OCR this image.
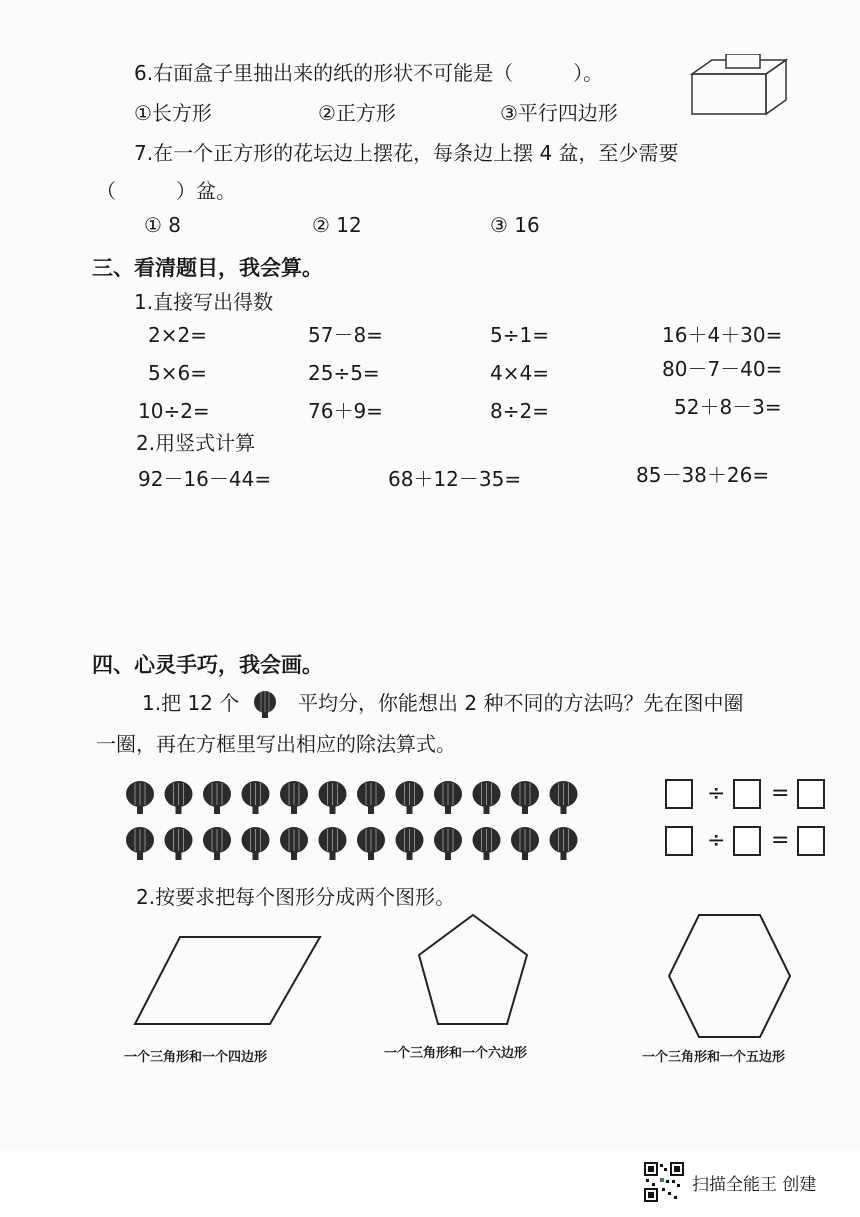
6.右面盒子里抽出来的纸的形状不可能是（　　　）。
①长方形	②正方形	③平行四边形
7.在一个正方形的花坛边上摆花，每条边上摆 4 盆，至少需要
（　　　）盆。
① 8	② 12	③ 16
三、看清题目，我会算。
1.直接写出得数
2×2=	57－8=	5÷1=	16＋4＋30=
5×6=	25÷5=	4×4=	80－7－40=
10÷2=	76＋9=	8÷2=	52＋8－3=
2.用竖式计算
92－16－44=	68＋12－35=	85－38＋26=
四、心灵手巧，我会画。
1.把 12 个	平均分，你能想出 2 种不同的方法吗？先在图中圈
一圈，再在方框里写出相应的除法算式。
÷ =
÷ =
2.按要求把每个图形分成两个图形。
一个三角形和一个四边形	一个三角形和一个六边形	一个三角形和一个五边形
扫描全能王 创建
